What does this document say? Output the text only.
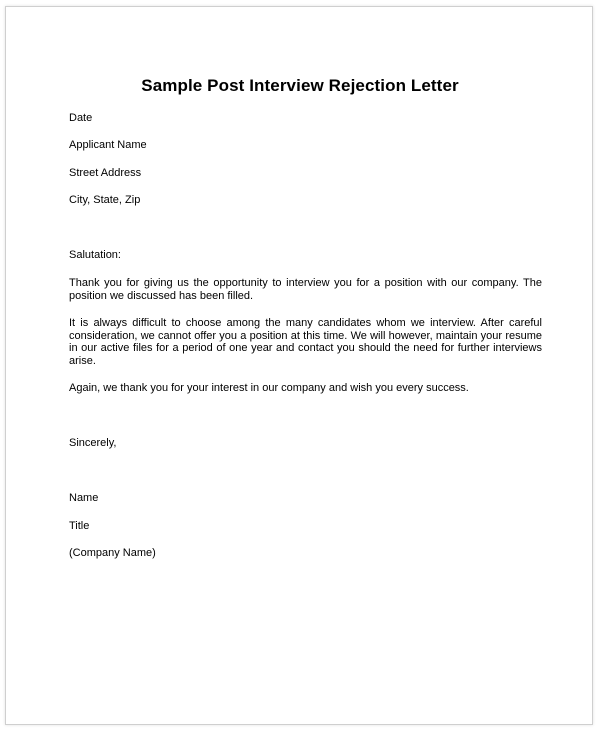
Sample Post Interview Rejection Letter
Date
Applicant Name
Street Address
City, State, Zip
Salutation:
Thank you for giving us the opportunity to interview you for a position with our company. The position we discussed has been filled.
It is always difficult to choose among the many candidates whom we interview. After careful consideration, we cannot offer you a position at this time. We will however, maintain your resume in our active files for a period of one year and contact you should the need for further interviews arise.
Again, we thank you for your interest in our company and wish you every success.
Sincerely,
Name
Title
(Company Name)
